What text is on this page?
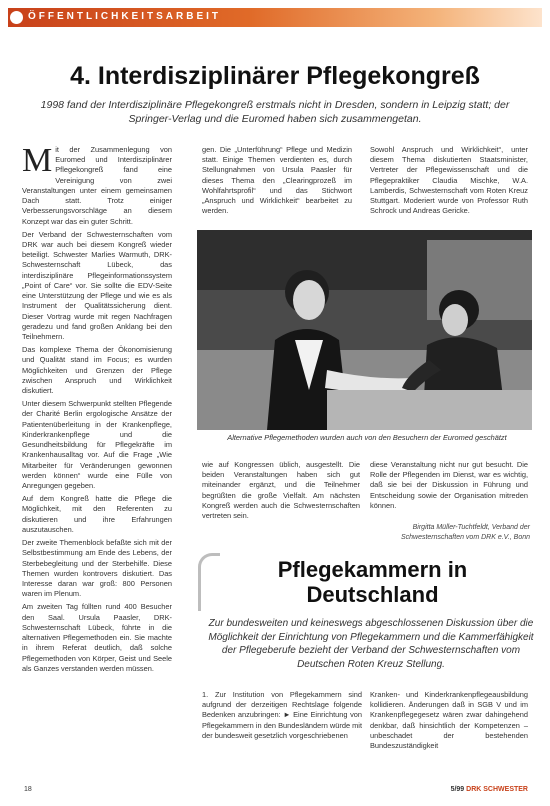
ÖFFENTLICHKEITSARBEIT
4. Interdisziplinärer Pflegekongreß

1998 fand der Interdisziplinäre Pflegekongreß erstmals nicht in Dresden, sondern in Leipzig statt; der Springer-Verlag und die Euromed haben sich zusammengetan.

Mit der Zusammenlegung von Euromed und Interdisziplinärer Pflegekongreß fand eine Vereinigung von zwei Veranstaltungen unter einem gemeinsamen Dach statt. Trotz einiger Verbesserungsvorschläge an diesem Konzept war das ein guter Schritt.

Der Verband der Schwesternschaften vom DRK war auch bei diesem Kongreß wieder beteiligt. Schwester Marlies Warmuth, DRK-Schwesternschaft Lübeck, das interdisziplinäre Pflegeinformationssystem „Point of Care“ vor. Sie sollte die EDV-Seite eine Unterstützung der Pflege und wie es als Instrument der Qualitätssicherung dient. Dieser Vortrag wurde mit regen Nachfragen geradezu und fand großen Anklang bei den Teilnehmern.

Das komplexe Thema der Ökonomisierung und Qualität stand im Focus; es wurden Möglichkeiten und Grenzen der Pflege zwischen Anspruch und Wirklichkeit diskutiert.

Unter diesem Schwerpunkt stellten Pflegende der Charité Berlin ergologische Ansätze der Patientenüberleitung in der Krankenpflege, Kinderkrankenpflege und die Gesundheitsbildung für Pflegekräfte im Krankenhausalltag vor. Auf die Frage „Wie Mitarbeiter für Veränderungen gewonnen werden können“ wurde eine Fülle von Anregungen gegeben.

Auf dem Kongreß hatte die Pflege die Möglichkeit, mit den Referenten zu diskutieren und ihre Erfahrungen auszutauschen.

Der zweite Themenblock befaßte sich mit der Selbstbestimmung am Ende des Lebens, der Sterbebegleitung und der Sterbehilfe. Diese Themen wurden kontrovers diskutiert. Das Interesse daran war groß: 800 Personen waren im Plenum.

Am zweiten Tag füllten rund 400 Besucher den Saal. Ursula Paasler, DRK-Schwesternschaft Lübeck, führte in die alternativen Pflegemethoden ein. Sie machte in ihrem Referat deutlich, daß solche Pflegemethoden von Körper, Geist und Seele als Ganzes verstanden werden müssen.

gen. Die „Unterführung“ Pflege und Medizin statt. Einige Themen verdienten es, durch Stellungnahmen von Ursula Paasler für dieses Thema den „Clearingprozeß im Wohlfahrtsprofil“ und das Stichwort „Anspruch und Wirklichkeit“ bearbeitet zu werden.

Sowohl Anspruch und Wirklichkeit“, unter diesem Thema diskutierten Staatsminister, Vertreter der Pflegewissenschaft und die Pflegepraktiker Claudia Mischke, W.A. Lamberdis, Schwesternschaft vom Roten Kreuz Stuttgart. Moderiert wurde von Professor Ruth Schrock und Andreas Gericke.

Alternative Pflegemethoden wurden auch von den Besuchern der Euromed geschätzt

wie auf Kongressen üblich, ausgestellt. Die beiden Veranstaltungen haben sich gut miteinander ergänzt, und die Teilnehmer begrüßten die große Vielfalt. Am nächsten Kongreß werden auch die Schwesternschaften vertreten sein.

diese Veranstaltung nicht nur gut besucht. Die Rolle der Pflegenden im Dienst, war es wichtig, daß sie bei der Diskussion in Führung und Entscheidung sowie der Organisation mitreden können.

Birgitta Müller-Tuchtfeldt, Verband der Schwesternschaften vom DRK e.V., Bonn

Pflegekammern in
Deutschland

Zur bundesweiten und keineswegs abgeschlossenen Diskussion über die Möglichkeit der Einrichtung von Pflegekammern und die Kammerfähigkeit der Pflegeberufe bezieht der Verband der Schwesternschaften vom Deutschen Roten Kreuz Stellung.

1. Zur Institution von Pflegekammern sind aufgrund der derzeitigen Rechtslage folgende Bedenken anzubringen: ► Eine Einrichtung von Pflegekammern in den Bundesländern würde mit der bundesweit gesetzlich vorgeschriebenen

Kranken- und Kinderkrankenpflegeausbildung kollidieren. Änderungen daß in SGB V und im Krankenpflegegesetz wären zwar dahingehend denkbar, daß hinsichtlich der Kompetenzen – unbeschadet der bestehenden Bundeszuständigkeit

18	5/99 DRK SCHWESTER
